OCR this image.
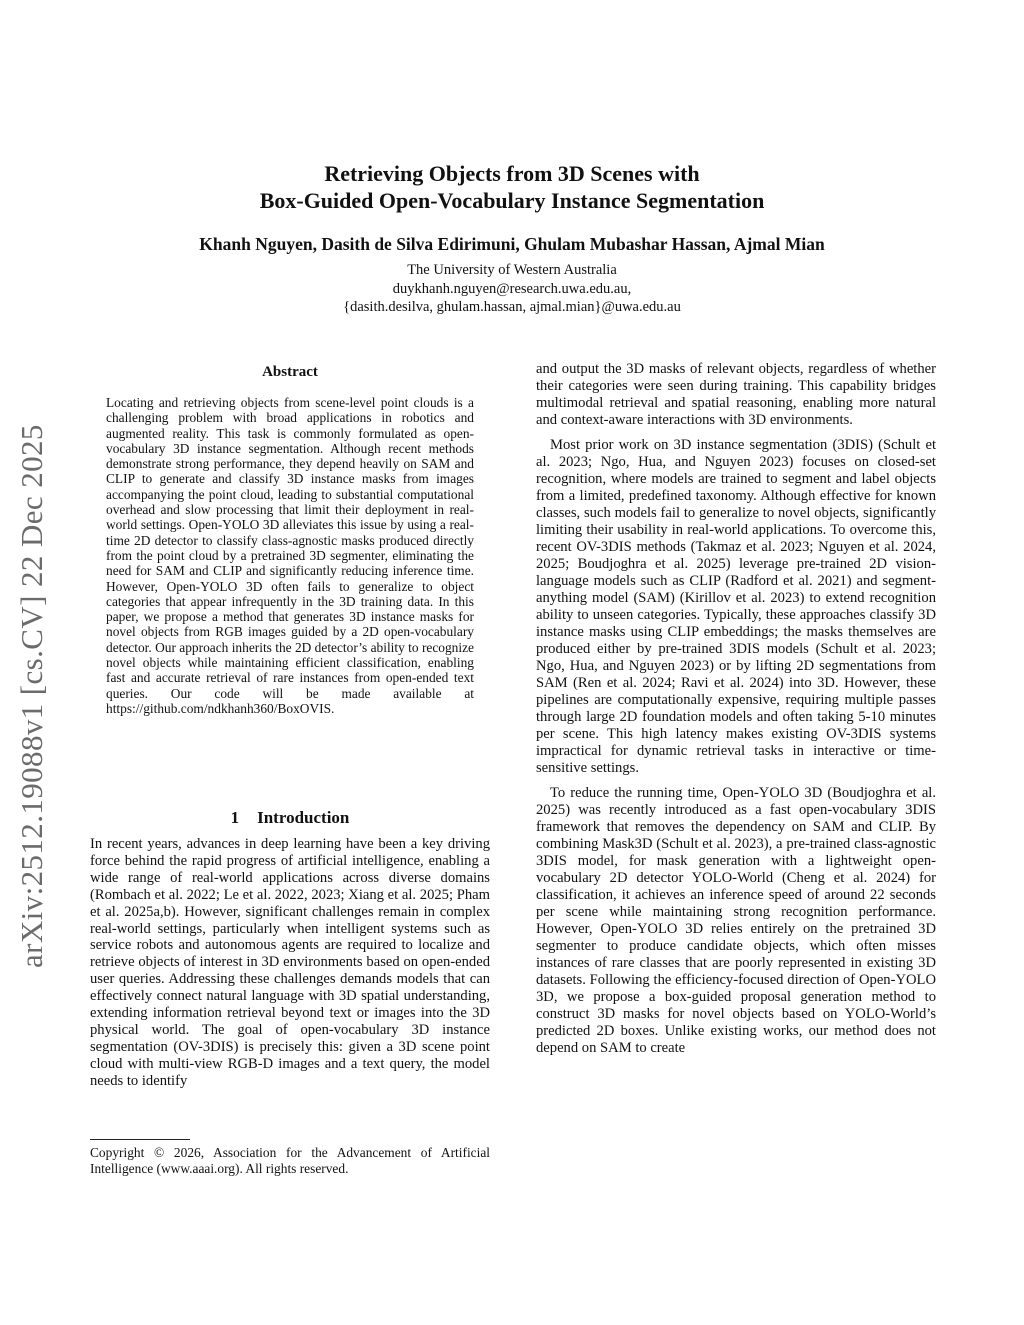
arXiv:2512.19088v1 [cs.CV] 22 Dec 2025
Retrieving Objects from 3D Scenes with
Box-Guided Open-Vocabulary Instance Segmentation

Khanh Nguyen, Dasith de Silva Edirimuni, Ghulam Mubashar Hassan, Ajmal Mian

The University of Western Australia

duykhanh.nguyen@research.uwa.edu.au,

{dasith.desilva, ghulam.hassan, ajmal.mian}@uwa.edu.au

Abstract

Locating and retrieving objects from scene-level point clouds is a challenging problem with broad applications in robotics and augmented reality. This task is commonly formulated as open-vocabulary 3D instance segmentation. Although recent methods demonstrate strong performance, they depend heavily on SAM and CLIP to generate and classify 3D instance masks from images accompanying the point cloud, leading to substantial computational overhead and slow processing that limit their deployment in real-world settings. Open-YOLO 3D alleviates this issue by using a real-time 2D detector to classify class-agnostic masks produced directly from the point cloud by a pretrained 3D segmenter, eliminating the need for SAM and CLIP and significantly reducing inference time. However, Open-YOLO 3D often fails to generalize to object categories that appear infrequently in the 3D training data. In this paper, we propose a method that generates 3D instance masks for novel objects from RGB images guided by a 2D open-vocabulary detector. Our approach inherits the 2D detector’s ability to recognize novel objects while maintaining efficient classification, enabling fast and accurate retrieval of rare instances from open-ended text queries. Our code will be made available at https://github.com/ndkhanh360/BoxOVIS.

1 Introduction

In recent years, advances in deep learning have been a key driving force behind the rapid progress of artificial intelligence, enabling a wide range of real-world applications across diverse domains (Rombach et al. 2022; Le et al. 2022, 2023; Xiang et al. 2025; Pham et al. 2025a,b). However, significant challenges remain in complex real-world settings, particularly when intelligent systems such as service robots and autonomous agents are required to localize and retrieve objects of interest in 3D environments based on open-ended user queries. Addressing these challenges demands models that can effectively connect natural language with 3D spatial understanding, extending information retrieval beyond text or images into the 3D physical world. The goal of open-vocabulary 3D instance segmentation (OV-3DIS) is precisely this: given a 3D scene point cloud with multi-view RGB-D images and a text query, the model needs to identify

Copyright © 2026, Association for the Advancement of Artificial Intelligence (www.aaai.org). All rights reserved.

and output the 3D masks of relevant objects, regardless of whether their categories were seen during training. This capability bridges multimodal retrieval and spatial reasoning, enabling more natural and context-aware interactions with 3D environments.

Most prior work on 3D instance segmentation (3DIS) (Schult et al. 2023; Ngo, Hua, and Nguyen 2023) focuses on closed-set recognition, where models are trained to segment and label objects from a limited, predefined taxonomy. Although effective for known classes, such models fail to generalize to novel objects, significantly limiting their usability in real-world applications. To overcome this, recent OV-3DIS methods (Takmaz et al. 2023; Nguyen et al. 2024, 2025; Boudjoghra et al. 2025) leverage pre-trained 2D vision-language models such as CLIP (Radford et al. 2021) and segment-anything model (SAM) (Kirillov et al. 2023) to extend recognition ability to unseen categories. Typically, these approaches classify 3D instance masks using CLIP embeddings; the masks themselves are produced either by pre-trained 3DIS models (Schult et al. 2023; Ngo, Hua, and Nguyen 2023) or by lifting 2D segmentations from SAM (Ren et al. 2024; Ravi et al. 2024) into 3D. However, these pipelines are computationally expensive, requiring multiple passes through large 2D foundation models and often taking 5-10 minutes per scene. This high latency makes existing OV-3DIS systems impractical for dynamic retrieval tasks in interactive or time-sensitive settings.

To reduce the running time, Open-YOLO 3D (Boudjoghra et al. 2025) was recently introduced as a fast open-vocabulary 3DIS framework that removes the dependency on SAM and CLIP. By combining Mask3D (Schult et al. 2023), a pre-trained class-agnostic 3DIS model, for mask generation with a lightweight open-vocabulary 2D detector YOLO-World (Cheng et al. 2024) for classification, it achieves an inference speed of around 22 seconds per scene while maintaining strong recognition performance. However, Open-YOLO 3D relies entirely on the pretrained 3D segmenter to produce candidate objects, which often misses instances of rare classes that are poorly represented in existing 3D datasets. Following the efficiency-focused direction of Open-YOLO 3D, we propose a box-guided proposal generation method to construct 3D masks for novel objects based on YOLO-World’s predicted 2D boxes. Unlike existing works, our method does not depend on SAM to create
